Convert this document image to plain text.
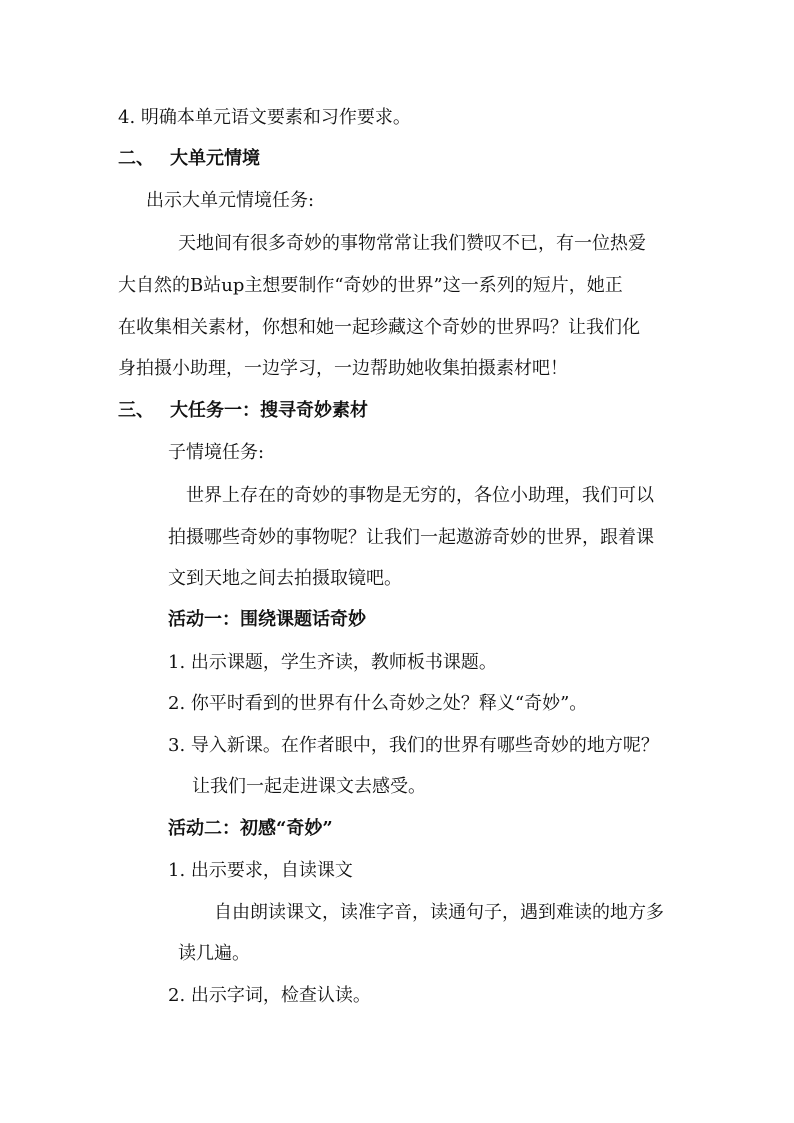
4. 明确本单元语文要素和习作要求。
二、 大单元情境
出示大单元情境任务:
天地间有很多奇妙的事物常常让我们赞叹不已，有一位热爱
大自然的B站up主想要制作“奇妙的世界”这一系列的短片，她正
在收集相关素材，你想和她一起珍藏这个奇妙的世界吗？让我们化
身拍摄小助理，一边学习，一边帮助她收集拍摄素材吧！
三、 大任务一：搜寻奇妙素材
子情境任务:
世界上存在的奇妙的事物是无穷的，各位小助理，我们可以
拍摄哪些奇妙的事物呢？让我们一起遨游奇妙的世界，跟着课
文到天地之间去拍摄取镜吧。
活动一：围绕课题话奇妙
1. 出示课题，学生齐读，教师板书课题。
2. 你平时看到的世界有什么奇妙之处？释义“奇妙”。
3. 导入新课。在作者眼中，我们的世界有哪些奇妙的地方呢？
让我们一起走进课文去感受。
活动二：初感“奇妙”
1. 出示要求，自读课文
自由朗读课文，读准字音，读通句子，遇到难读的地方多
读几遍。
2. 出示字词，检查认读。
